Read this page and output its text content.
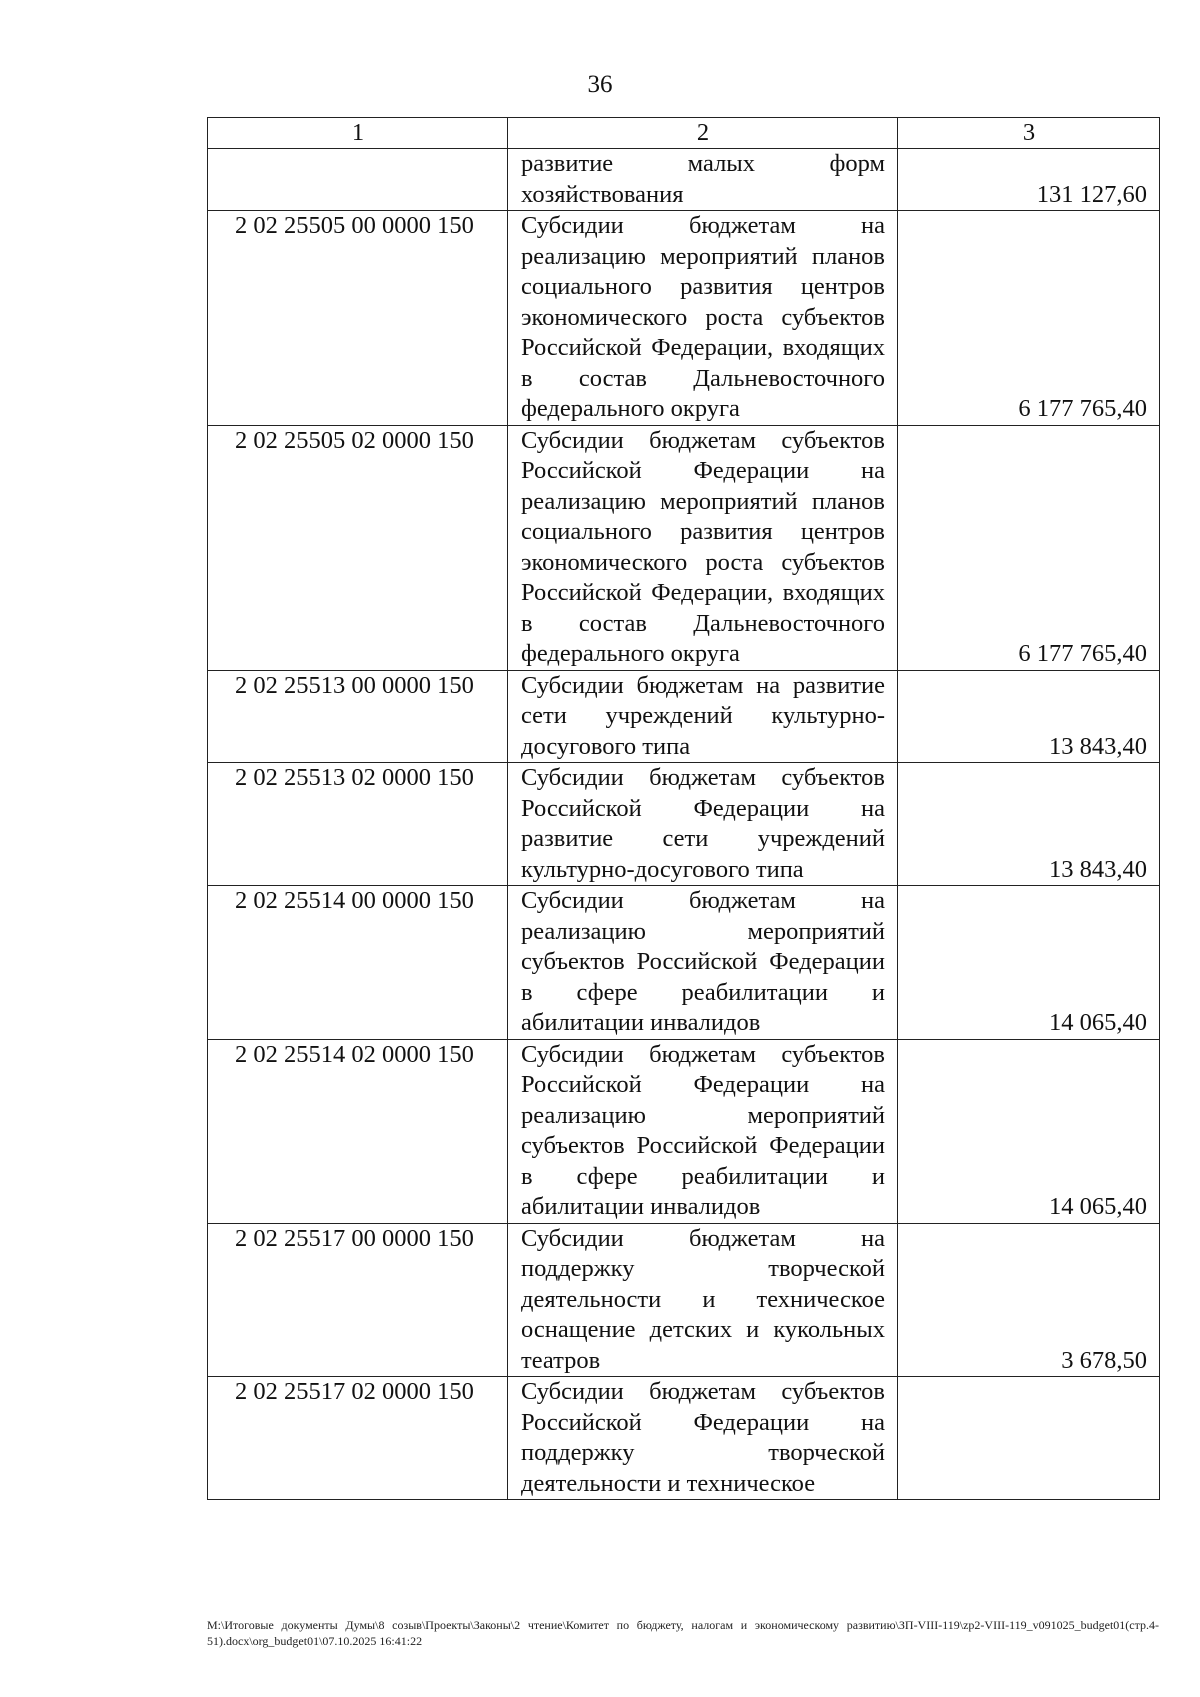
36
1	2	3
	развитие малых форм хозяйствования	131 127,60
2 02 25505 00 0000 150	Субсидии бюджетам на реализацию мероприятий планов социального развития центров экономического роста субъектов Российской Федерации, входящих в состав Дальневосточного федерального округа	6 177 765,40
2 02 25505 02 0000 150	Субсидии бюджетам субъектов Российской Федерации на реализацию мероприятий планов социального развития центров экономического роста субъектов Российской Федерации, входящих в состав Дальневосточного федерального округа	6 177 765,40
2 02 25513 00 0000 150	Субсидии бюджетам на развитие сети учреждений культурно-досугового типа	13 843,40
2 02 25513 02 0000 150	Субсидии бюджетам субъектов Российской Федерации на развитие сети учреждений культурно-досугового типа	13 843,40
2 02 25514 00 0000 150	Субсидии бюджетам на реализацию мероприятий субъектов Российской Федерации в сфере реабилитации и абилитации инвалидов	14 065,40
2 02 25514 02 0000 150	Субсидии бюджетам субъектов Российской Федерации на реализацию мероприятий субъектов Российской Федерации в сфере реабилитации и абилитации инвалидов	14 065,40
2 02 25517 00 0000 150	Субсидии бюджетам на поддержку творческой деятельности и техническое оснащение детских и кукольных театров	3 678,50
2 02 25517 02 0000 150	Субсидии бюджетам субъектов Российской Федерации на поддержку творческой деятельности и техническое	
M:\Итоговые документы Думы\8 созыв\Проекты\Законы\2 чтение\Комитет по бюджету, налогам и экономическому развитию\ЗП-VIII-119\zp2-VIII-119_v091025_budget01(стр.4-51).docx\org_budget01\07.10.2025 16:41:22
